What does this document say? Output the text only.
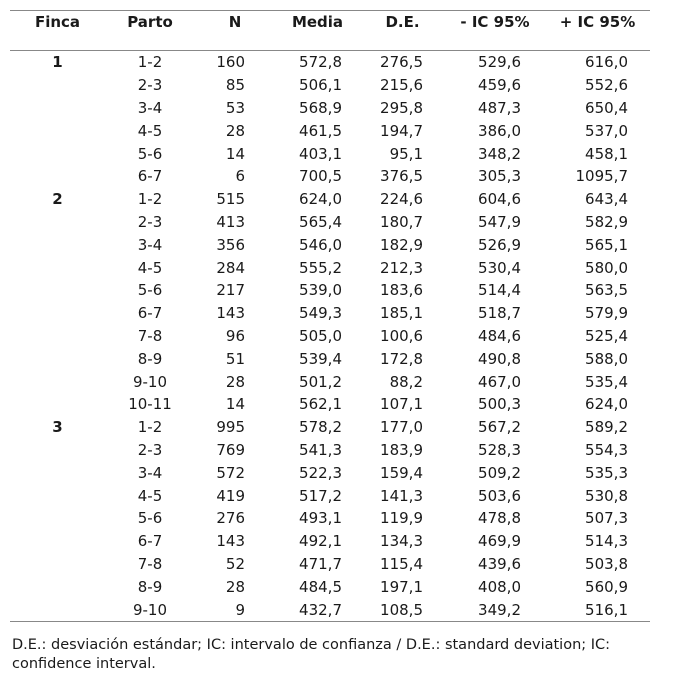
Finca	Parto	N	Media	D.E.	- IC 95%	+ IC 95%
1	1-2	160	572,8	276,5	529,6	616,0
	2-3	85	506,1	215,6	459,6	552,6
	3-4	53	568,9	295,8	487,3	650,4
	4-5	28	461,5	194,7	386,0	537,0
	5-6	14	403,1	95,1	348,2	458,1
	6-7	6	700,5	376,5	305,3	1095,7
2	1-2	515	624,0	224,6	604,6	643,4
	2-3	413	565,4	180,7	547,9	582,9
	3-4	356	546,0	182,9	526,9	565,1
	4-5	284	555,2	212,3	530,4	580,0
	5-6	217	539,0	183,6	514,4	563,5
	6-7	143	549,3	185,1	518,7	579,9
	7-8	96	505,0	100,6	484,6	525,4
	8-9	51	539,4	172,8	490,8	588,0
	9-10	28	501,2	88,2	467,0	535,4
	10-11	14	562,1	107,1	500,3	624,0
3	1-2	995	578,2	177,0	567,2	589,2
	2-3	769	541,3	183,9	528,3	554,3
	3-4	572	522,3	159,4	509,2	535,3
	4-5	419	517,2	141,3	503,6	530,8
	5-6	276	493,1	119,9	478,8	507,3
	6-7	143	492,1	134,3	469,9	514,3
	7-8	52	471,7	115,4	439,6	503,8
	8-9	28	484,5	197,1	408,0	560,9
	9-10	9	432,7	108,5	349,2	516,1
D.E.: desviación estándar; IC: intervalo de confianza / D.E.: standard deviation; IC: confidence interval.
